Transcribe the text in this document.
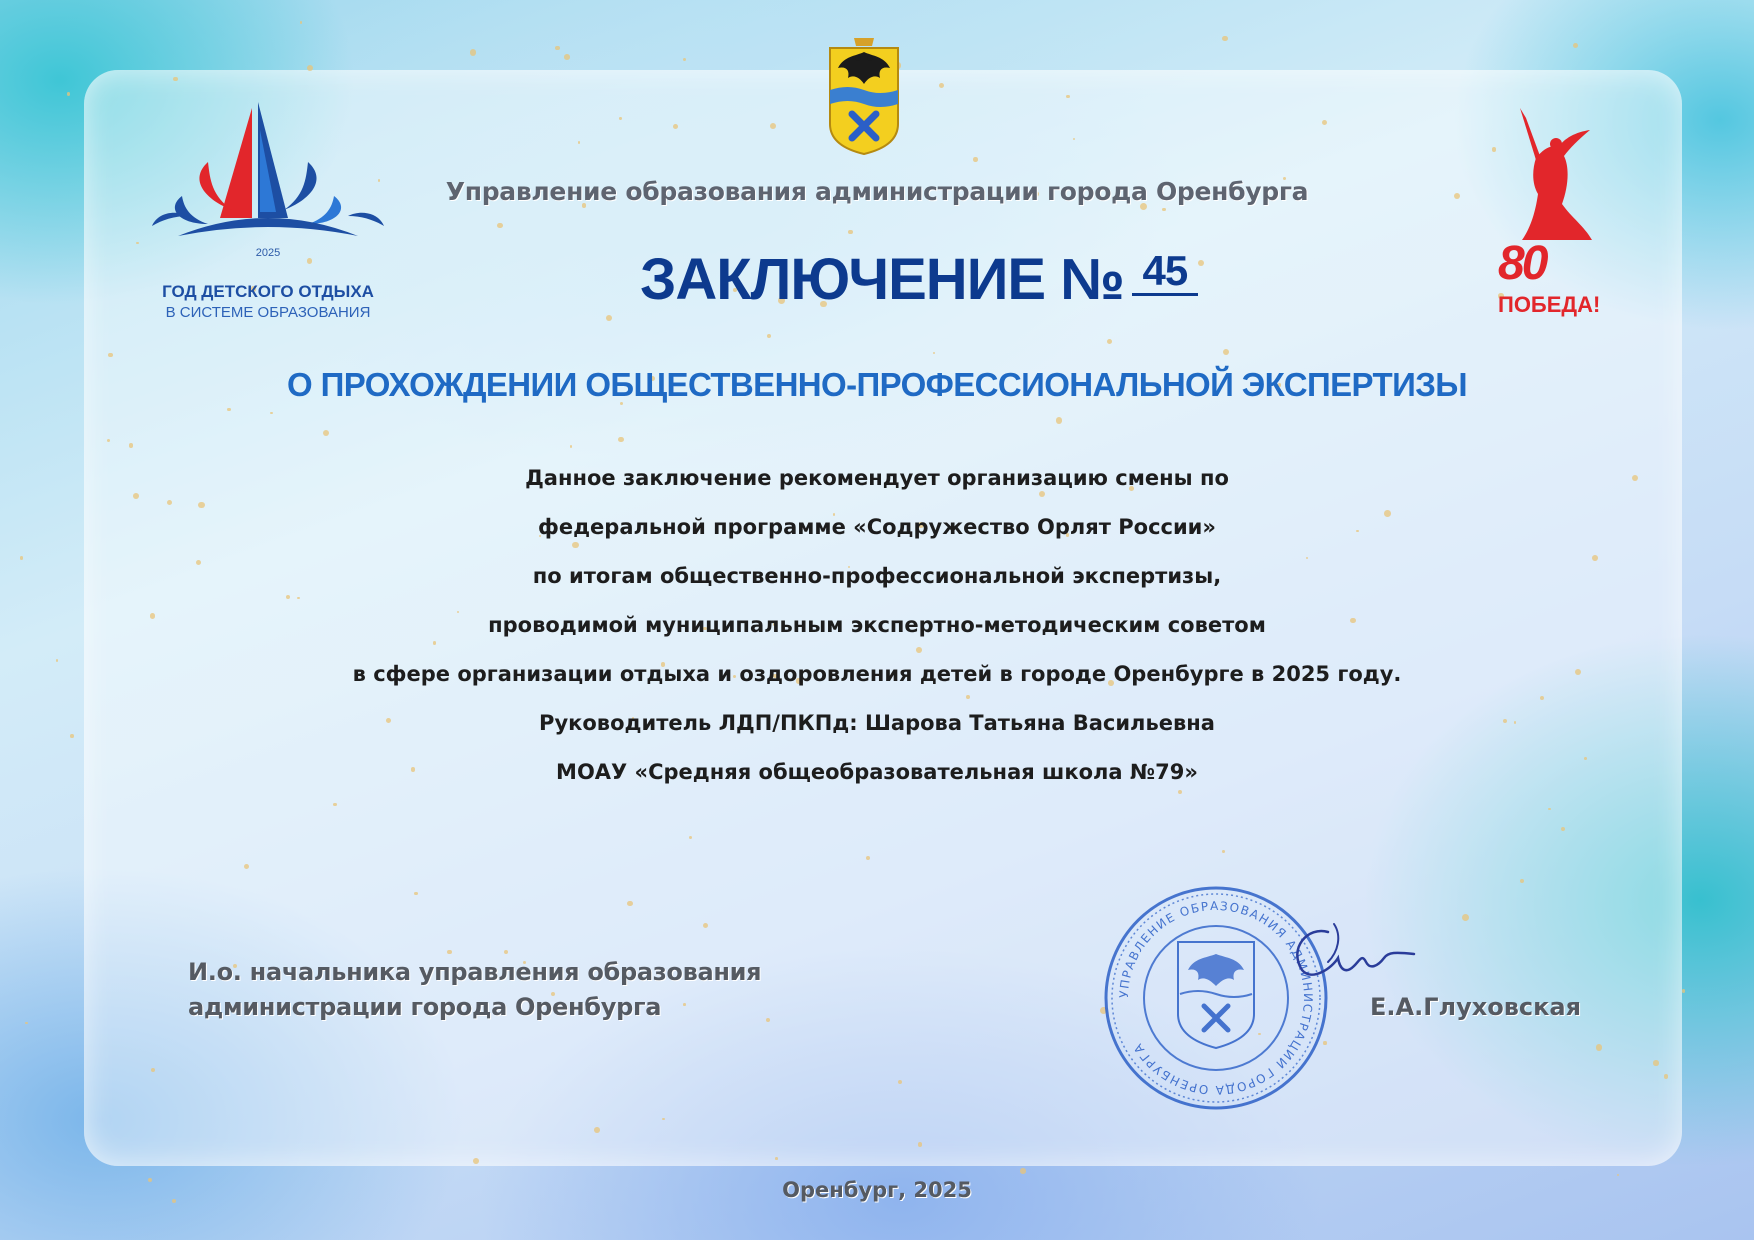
2025
ГОД ДЕТСКОГО ОТДЫХА
В СИСТЕМЕ ОБРАЗОВАНИЯ
80
ПОБЕДА!
Управление образования администрации города Оренбурга
ЗАКЛЮЧЕНИЕ № 45
О ПРОХОЖДЕНИИ ОБЩЕСТВЕННО-ПРОФЕССИОНАЛЬНОЙ ЭКСПЕРТИЗЫ
Данное заключение рекомендует организацию смены по
федеральной программе «Содружество Орлят России»
по итогам общественно-профессиональной экспертизы,
проводимой муниципальным экспертно-методическим советом
в сфере организации отдыха и оздоровления детей в городе Оренбурге в 2025 году.
Руководитель ЛДП/ПКПд: Шарова Татьяна Васильевна
МОАУ «Средняя общеобразовательная школа №79»
И.о. начальника управления образования
администрации города Оренбурга	УПРАВЛЕНИЕ ОБРАЗОВАНИЯ АДМИНИСТРАЦИИ ГОРОДА ОРЕНБУРГА
Е.А.Глуховская
Оренбург, 2025
